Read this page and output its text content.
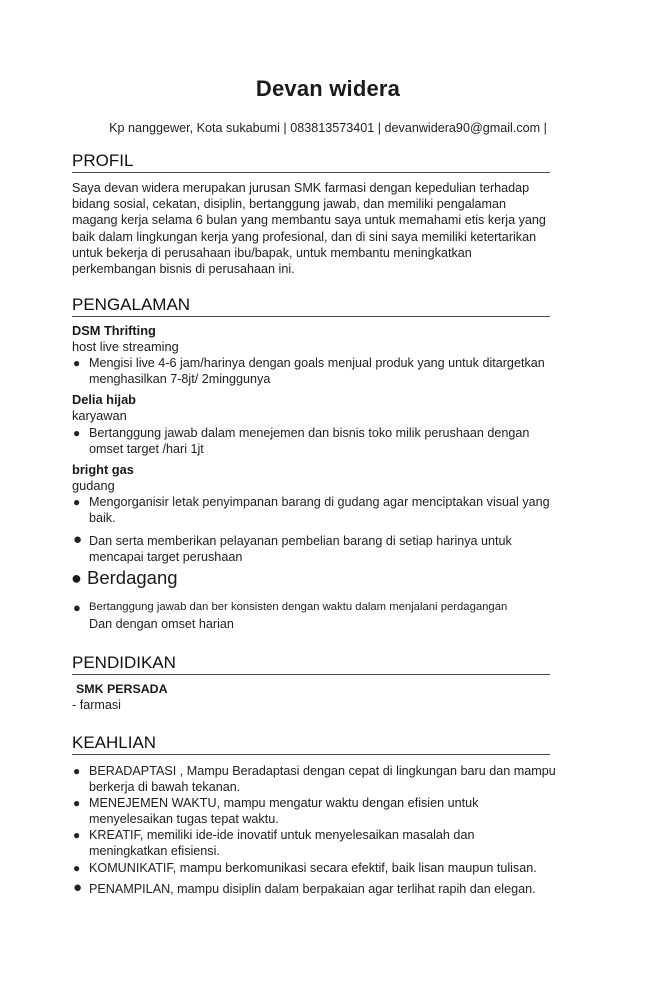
Devan widera
Kp nanggewer, Kota sukabumi | 083813573401 | devanwidera90@gmail.com |
PROFIL
Saya devan widera merupakan jurusan SMK farmasi dengan kepedulian terhadap
bidang sosial, cekatan, disiplin, bertanggung jawab, dan memiliki pengalaman
magang kerja selama 6 bulan yang membantu saya untuk memahami etis kerja yang
baik dalam lingkungan kerja yang profesional, dan di sini saya memiliki ketertarikan
untuk bekerja di perusahaan ibu/bapak, untuk membantu meningkatkan
perkembangan bisnis di perusahaan ini.
PENGALAMAN
DSM Thrifting
host live streaming
● Mengisi live 4-6 jam/harinya dengan goals menjual produk yang untuk ditargetkan
menghasilkan 7-8jt/ 2minggunya
Delia hijab
karyawan
● Bertanggung jawab dalam menejemen dan bisnis toko milik perushaan dengan
omset target /hari 1jt
bright gas
gudang
● Mengorganisir letak penyimpanan barang di gudang agar menciptakan visual yang
baik.
● Dan serta memberikan pelayanan pembelian barang di setiap harinya untuk
mencapai target perushaan
● Berdagang
● Bertanggung jawab dan ber konsisten dengan waktu dalam menjalani perdagangan
Dan dengan omset harian
PENDIDIKAN
SMK PERSADA
- farmasi
KEAHLIAN
● BERADAPTASI , Mampu Beradaptasi dengan cepat di lingkungan baru dan mampu
berkerja di bawah tekanan.
● MENEJEMEN WAKTU, mampu mengatur waktu dengan efisien untuk
menyelesaikan tugas tepat waktu.
● KREATIF, memiliki ide-ide inovatif untuk menyelesaikan masalah dan
meningkatkan efisiensi.
● KOMUNIKATIF, mampu berkomunikasi secara efektif, baik lisan maupun tulisan.
● PENAMPILAN, mampu disiplin dalam berpakaian agar terlihat rapih dan elegan.
